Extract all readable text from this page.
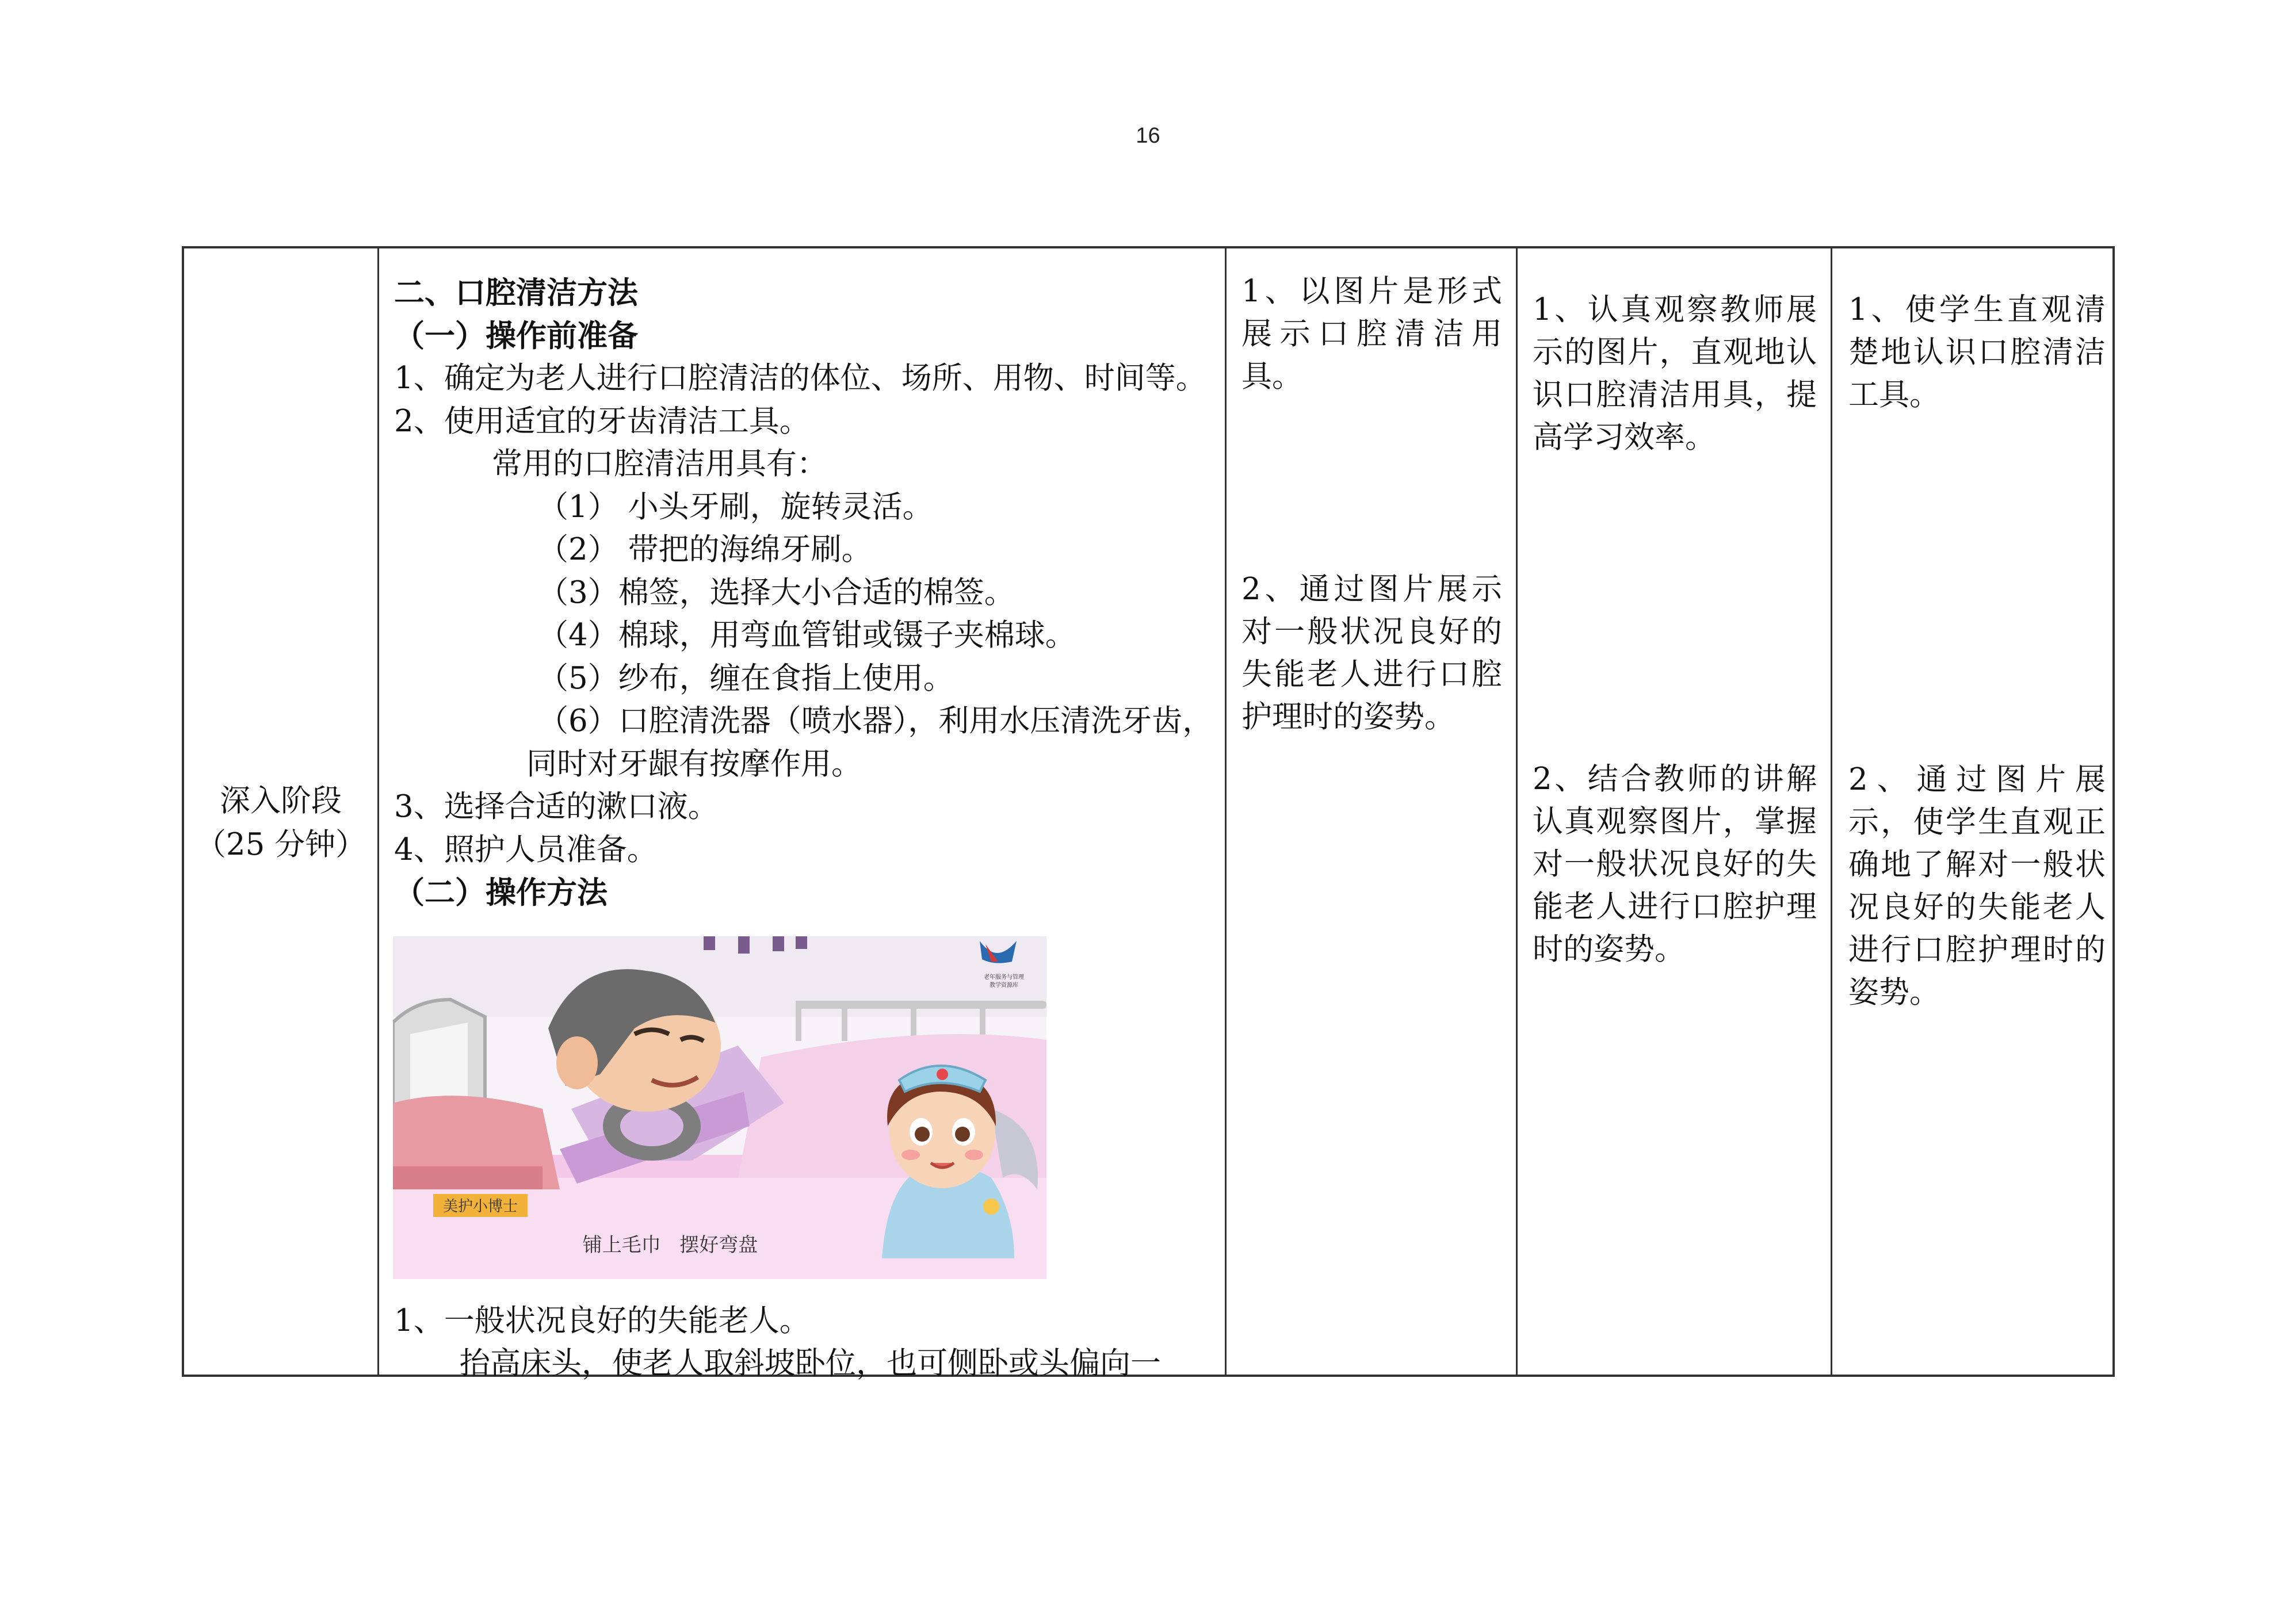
16
深入阶段
（25 分钟）
二、口腔清洁方法
（一）操作前准备
1、确定为老人进行口腔清洁的体位、场所、用物、时间等。
2、使用适宜的牙齿清洁工具。
常用的口腔清洁用具有：
（1） 小头牙刷，旋转灵活。
（2） 带把的海绵牙刷。
（3）棉签，选择大小合适的棉签。
（4）棉球，用弯血管钳或镊子夹棉球。
（5）纱布，缠在食指上使用。
（6）口腔清洗器（喷水器），利用水压清洗牙齿，
同时对牙龈有按摩作用。
3、选择合适的漱口液。
4、照护人员准备。
（二）操作方法
老年服务与管理
教学资源库
美护小博士
铺上毛巾   摆好弯盘
1、一般状况良好的失能老人。
抬高床头，使老人取斜坡卧位，也可侧卧或头偏向一
1、以图片是形式展示口腔清洁用具。
2、通过图片展示对一般状况良好的失能老人进行口腔护理时的姿势。
1、认真观察教师展示的图片，直观地认识口腔清洁用具，提高学习效率。
2、结合教师的讲解认真观察图片，掌握对一般状况良好的失能老人进行口腔护理时的姿势。
1、使学生直观清楚地认识口腔清洁工具。
2、通过图片展示，使学生直观正确地了解对一般状况良好的失能老人进行口腔护理时的姿势。
